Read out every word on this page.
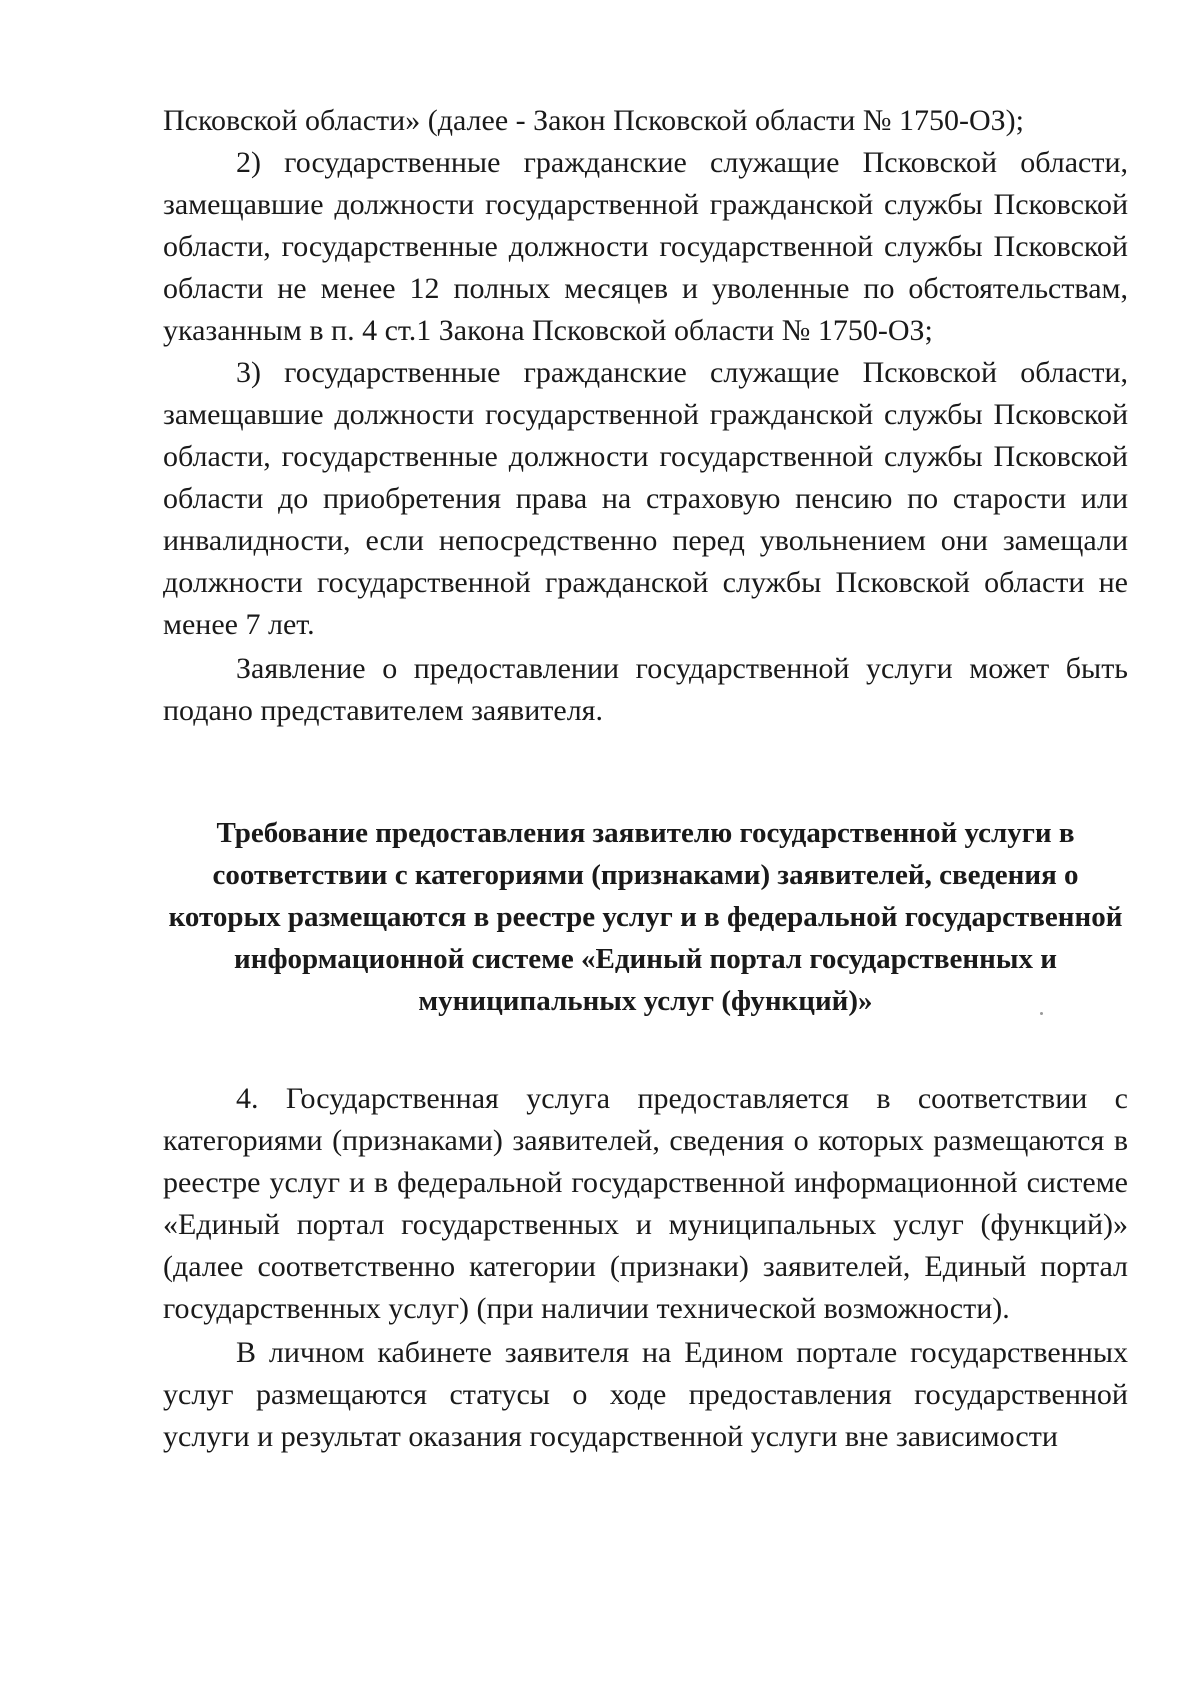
Псковской области» (далее - Закон Псковской области № 1750-ОЗ);

2) государственные гражданские служащие Псковской области, замещавшие должности государственной гражданской службы Псковской области, государственные должности государственной службы Псковской области не менее 12 полных месяцев и уволенные по обстоятельствам, указанным в п. 4 ст.1 Закона Псковской области № 1750-ОЗ;

3) государственные гражданские служащие Псковской области, замещавшие должности государственной гражданской службы Псковской области, государственные должности государственной службы Псковской области до приобретения права на страховую пенсию по старости или инвалидности, если непосредственно перед увольнением они замещали должности государственной гражданской службы Псковской области не менее 7 лет.

Заявление о предоставлении государственной услуги может быть подано представителем заявителя.

Требование предоставления заявителю государственной услуги в соответствии с категориями (признаками) заявителей, сведения о которых размещаются в реестре услуг и в федеральной государственной информационной системе «Единый портал государственных и муниципальных услуг (функций)»

4. Государственная услуга предоставляется в соответствии с категориями (признаками) заявителей, сведения о которых размещаются в реестре услуг и в федеральной государственной информационной системе «Единый портал государственных и муниципальных услуг (функций)» (далее соответственно категории (признаки) заявителей, Единый портал государственных услуг) (при наличии технической возможности).

В личном кабинете заявителя на Едином портале государственных услуг размещаются статусы о ходе предоставления государственной услуги и результат оказания государственной услуги вне зависимости
